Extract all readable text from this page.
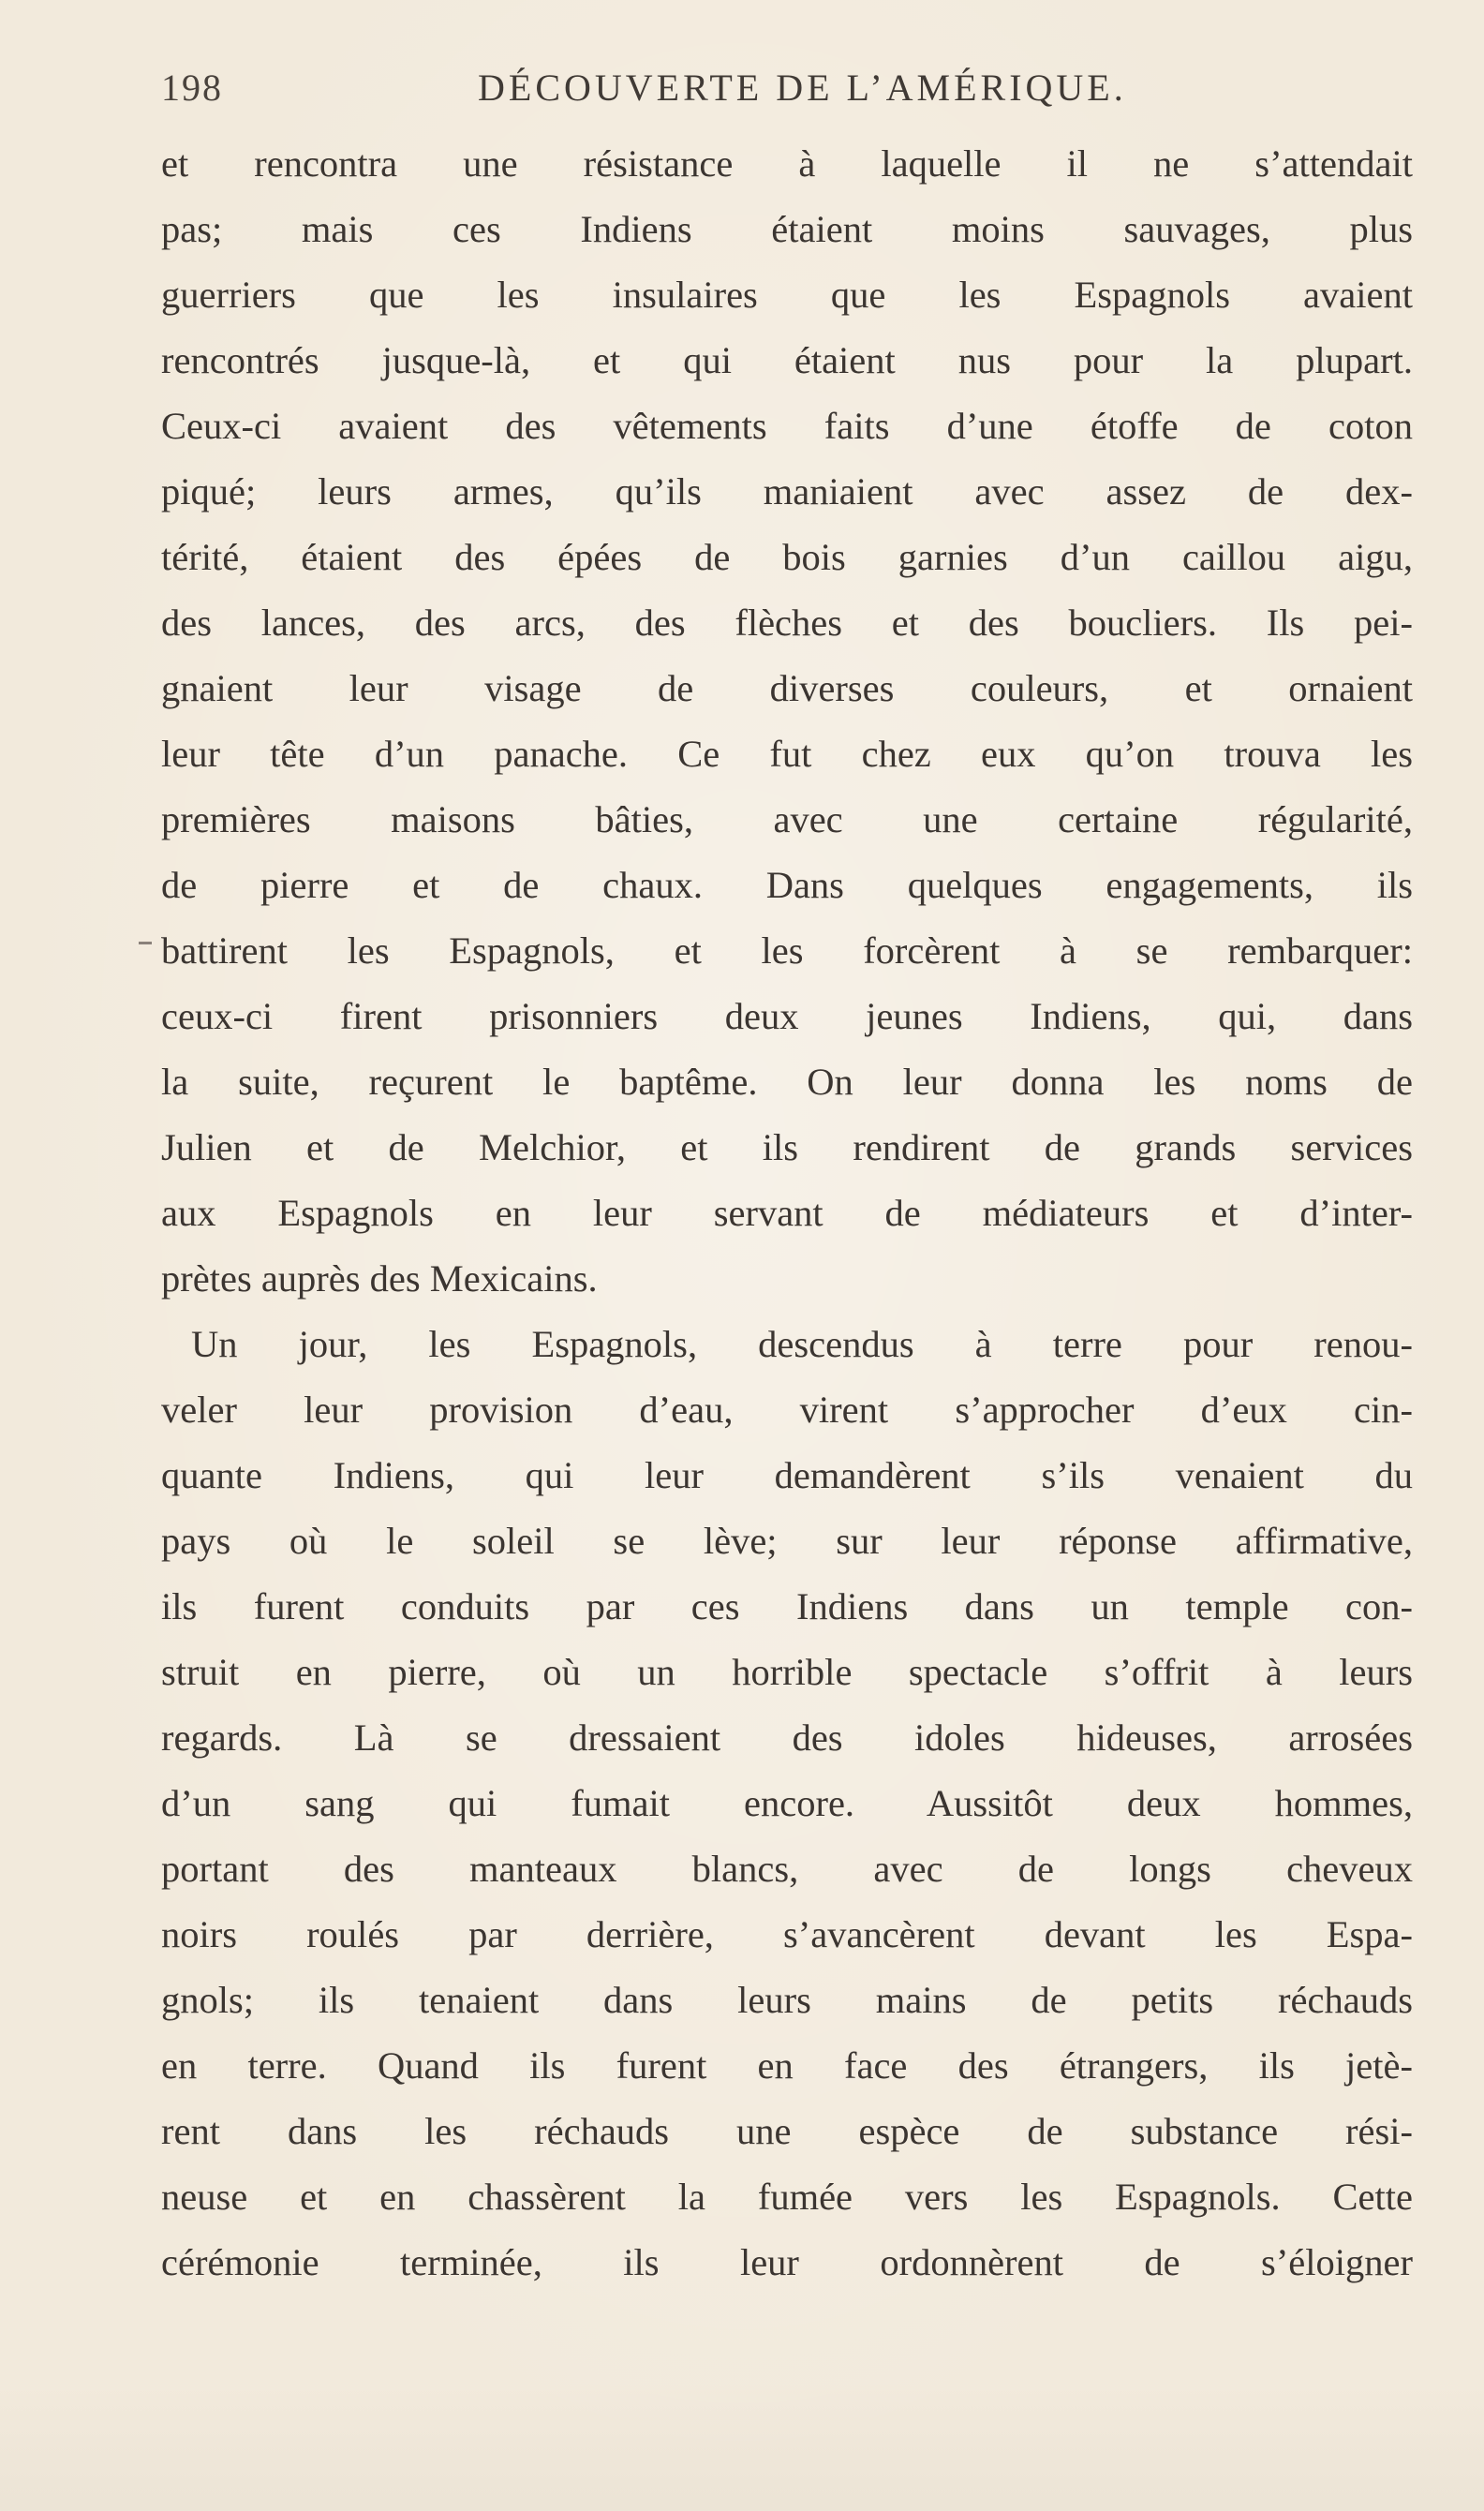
198	DÉCOUVERTE DE L’AMÉRIQUE.
et rencontra une résistance à laquelle il ne s’attendait
pas; mais ces Indiens étaient moins sauvages, plus
guerriers que les insulaires que les Espagnols avaient
rencontrés jusque-là, et qui étaient nus pour la plupart.
Ceux-ci avaient des vêtements faits d’une étoffe de coton
piqué; leurs armes, qu’ils maniaient avec assez de dex-
térité, étaient des épées de bois garnies d’un caillou aigu,
des lances, des arcs, des flèches et des boucliers. Ils pei-
gnaient leur visage de diverses couleurs, et ornaient
leur tête d’un panache. Ce fut chez eux qu’on trouva les
premières maisons bâties, avec une certaine régularité,
de pierre et de chaux. Dans quelques engagements, ils
battirent les Espagnols, et les forcèrent à se rembarquer:
ceux-ci firent prisonniers deux jeunes Indiens, qui, dans
la suite, reçurent le baptême. On leur donna les noms de
Julien et de Melchior, et ils rendirent de grands services
aux Espagnols en leur servant de médiateurs et d’inter-
prètes auprès des Mexicains.
Un jour, les Espagnols, descendus à terre pour renou-
veler leur provision d’eau, virent s’approcher d’eux cin-
quante Indiens, qui leur demandèrent s’ils venaient du
pays où le soleil se lève; sur leur réponse affirmative,
ils furent conduits par ces Indiens dans un temple con-
struit en pierre, où un horrible spectacle s’offrit à leurs
regards. Là se dressaient des idoles hideuses, arrosées
d’un sang qui fumait encore. Aussitôt deux hommes,
portant des manteaux blancs, avec de longs cheveux
noirs roulés par derrière, s’avancèrent devant les Espa-
gnols; ils tenaient dans leurs mains de petits réchauds
en terre. Quand ils furent en face des étrangers, ils jetè-
rent dans les réchauds une espèce de substance rési-
neuse et en chassèrent la fumée vers les Espagnols. Cette
cérémonie terminée, ils leur ordonnèrent de s’éloigner
